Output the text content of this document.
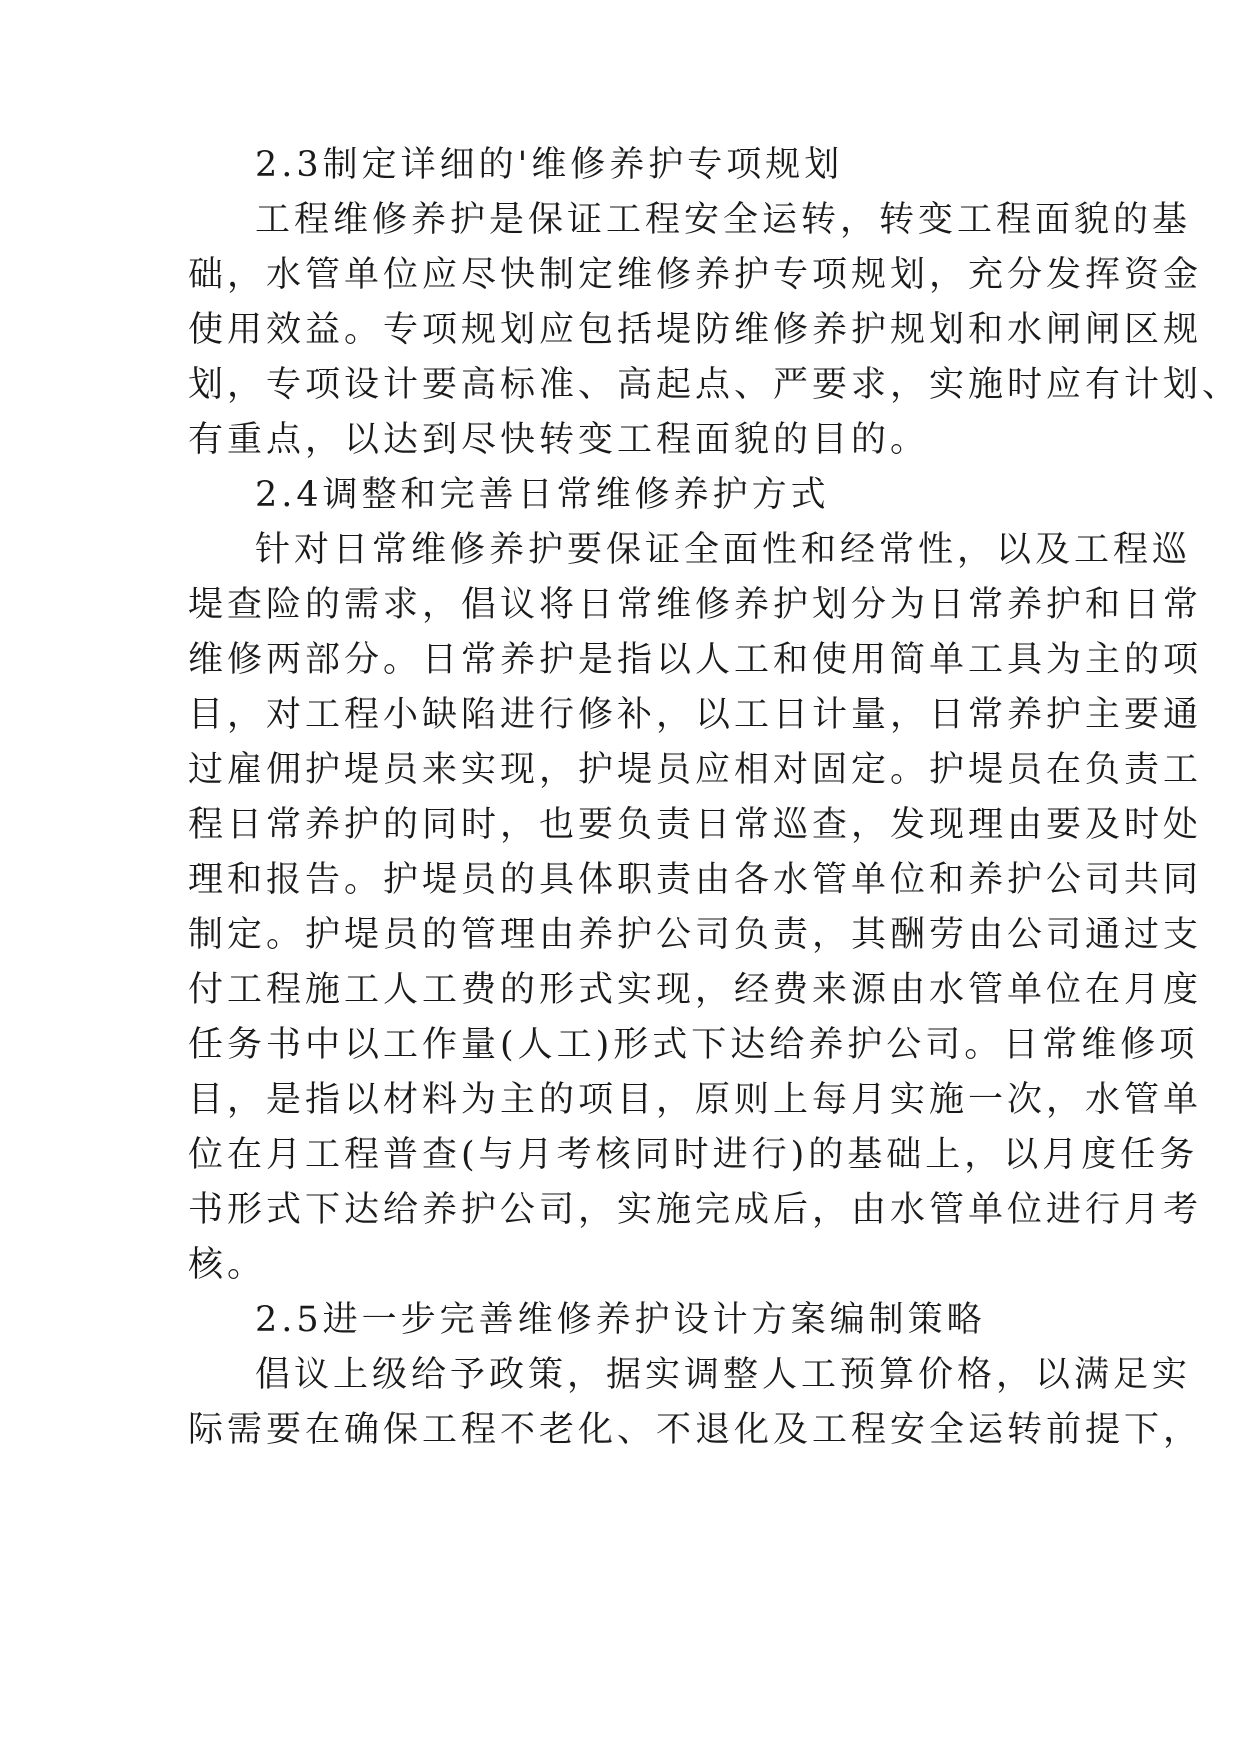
2.3制定详细的'维修养护专项规划
工程维修养护是保证工程安全运转，转变工程面貌的基
础，水管单位应尽快制定维修养护专项规划，充分发挥资金
使用效益。专项规划应包括堤防维修养护规划和水闸闸区规
划，专项设计要高标准、高起点、严要求，实施时应有计划、
有重点，以达到尽快转变工程面貌的目的。
2.4调整和完善日常维修养护方式
针对日常维修养护要保证全面性和经常性，以及工程巡
堤查险的需求，倡议将日常维修养护划分为日常养护和日常
维修两部分。日常养护是指以人工和使用简单工具为主的项
目，对工程小缺陷进行修补，以工日计量，日常养护主要通
过雇佣护堤员来实现，护堤员应相对固定。护堤员在负责工
程日常养护的同时，也要负责日常巡查，发现理由要及时处
理和报告。护堤员的具体职责由各水管单位和养护公司共同
制定。护堤员的管理由养护公司负责，其酬劳由公司通过支
付工程施工人工费的形式实现，经费来源由水管单位在月度
任务书中以工作量(人工)形式下达给养护公司。日常维修项
目，是指以材料为主的项目，原则上每月实施一次，水管单
位在月工程普查(与月考核同时进行)的基础上，以月度任务
书形式下达给养护公司，实施完成后，由水管单位进行月考
核。
2.5进一步完善维修养护设计方案编制策略
倡议上级给予政策，据实调整人工预算价格，以满足实
际需要在确保工程不老化、不退化及工程安全运转前提下，
